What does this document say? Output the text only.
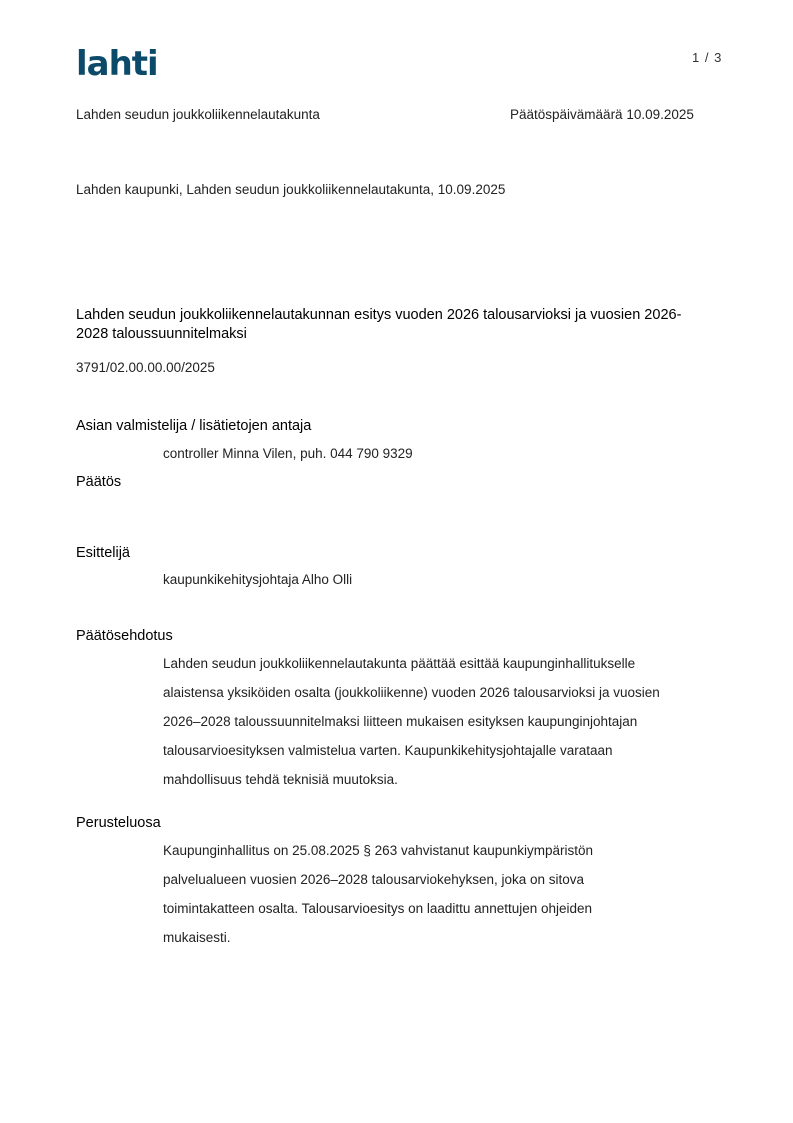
lahti	1 / 3
Lahden seudun joukkoliikennelautakunta	Päätöspäivämäärä 10.09.2025
Lahden kaupunki, Lahden seudun joukkoliikennelautakunta, 10.09.2025
Lahden seudun joukkoliikennelautakunnan esitys vuoden 2026 talousarvioksi ja vuosien 2026-2028 taloussuunnitelmaksi
3791/02.00.00.00/2025
Asian valmistelija / lisätietojen antaja
controller Minna Vilen, puh. 044 790 9329
Päätös
Esittelijä
kaupunkikehitysjohtaja Alho Olli
Päätösehdotus
Lahden seudun joukkoliikennelautakunta päättää esittää kaupunginhallitukselle
alaistensa yksiköiden osalta (joukkoliikenne) vuoden 2026 talousarvioksi ja vuosien
2026–2028 taloussuunnitelmaksi liitteen mukaisen esityksen kaupunginjohtajan
talousarvioesityksen valmistelua varten. Kaupunkikehitysjohtajalle varataan
mahdollisuus tehdä teknisiä muutoksia.
Perusteluosa
Kaupunginhallitus on 25.08.2025 § 263 vahvistanut kaupunkiympäristön
palvelualueen vuosien 2026–2028 talousarviokehyksen, joka on sitova
toimintakatteen osalta. Talousarvioesitys on laadittu annettujen ohjeiden
mukaisesti.
